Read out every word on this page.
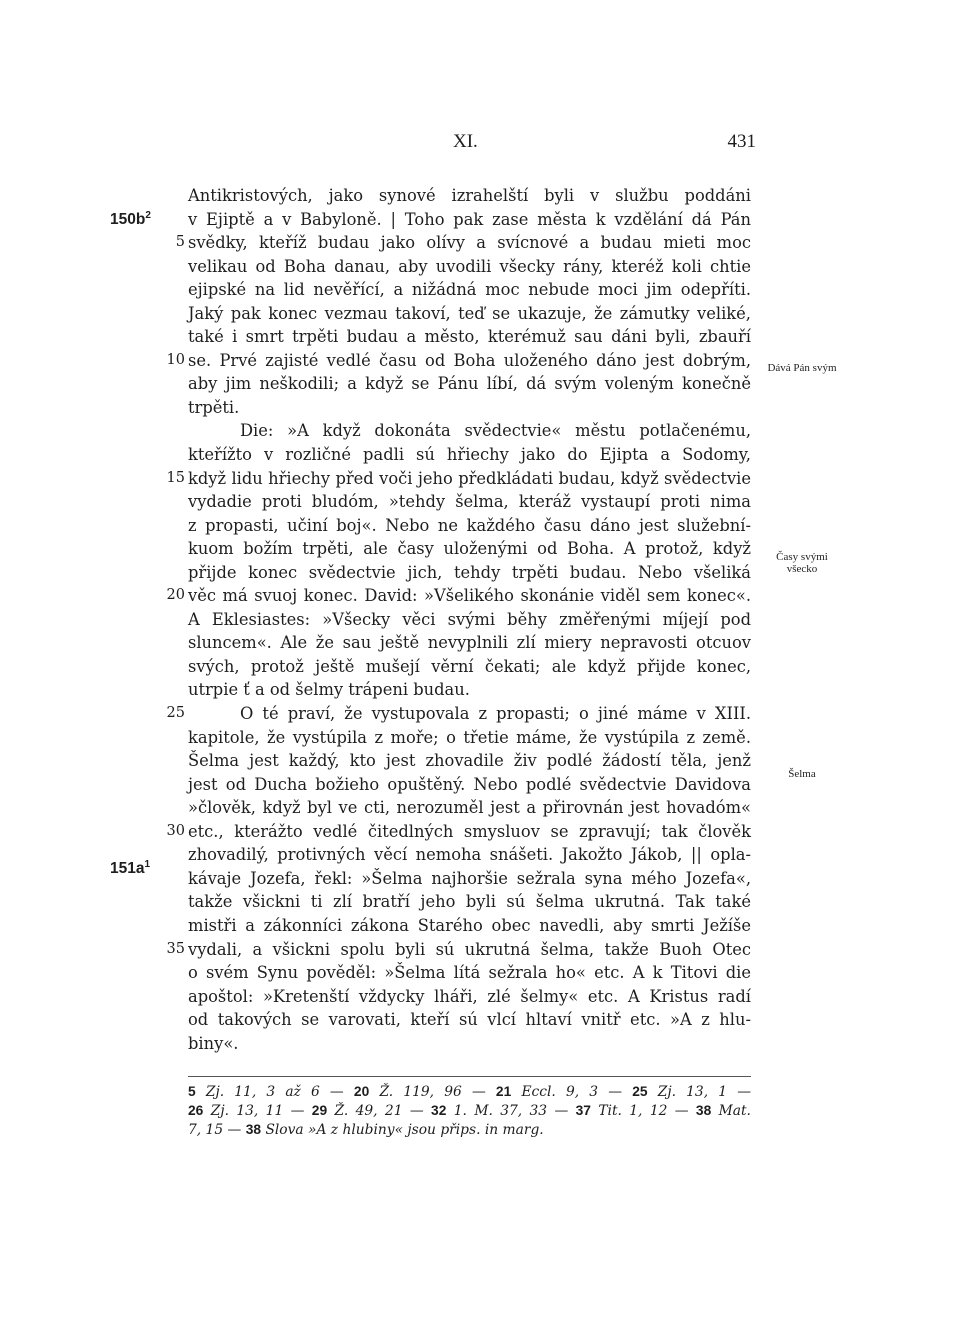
XI.	431
$150b^2$
$151a^1$
Dává Pán svým
Časy svými všecko
Šelma
Antikristových, jako synové izrahelští byli v službu poddáni
v Ejiptě a v Babyloně. | Toho pak zase města k vzdělání dá Pán
5 svědky, kteříž budau jako olívy a svícnové a budau mieti moc
velikau od Boha danau, aby uvodili všecky rány, kteréž koli chtie
ejipské na lid nevěřící, a nižádná moc nebude moci jim odepříti.
Jaký pak konec vezmau takoví, teď se ukazuje, že zámutky veliké,
také i smrt trpěti budau a město, kterémuž sau dáni byli, zbauří
10 se. Prvé zajisté vedlé času od Boha uloženého dáno jest dobrým,
aby jim neškodili; a když se Pánu líbí, dá svým voleným konečně
trpěti.
Die: »A když dokonáta svědectvie« městu potlačenému,
kteřížto v rozličné padli sú hřiechy jako do Ejipta a Sodomy,
15 když lidu hřiechy před voči jeho předkládati budau, když svědectvie
vydadie proti bludóm, »tehdy šelma, kteráž vystaupí proti nima
z propasti, učiní boj«. Nebo ne každého času dáno jest služební-
kuom božím trpěti, ale časy uloženými od Boha. A protož, když
přijde konec svědectvie jich, tehdy trpěti budau. Nebo všeliká
20 věc má svuoj konec. David: »Všelikého skonánie viděl sem konec«.
A Eklesiastes: »Všecky věci svými běhy změřenými míjejí pod
sluncem«. Ale že sau ještě nevyplnili zlí miery nepravosti otcuov
svých, protož ještě mušejí věrní čekati; ale když přijde konec,
utrpie ť a od šelmy trápeni budau.
25	O té praví, že vystupovala z propasti; o jiné máme v XIII.
kapitole, že vystúpila z moře; o třetie máme, že vystúpila z země.
Šelma jest každý, kto jest zhovadile živ podlé žádostí těla, jenž
jest od Ducha božieho opuštěný. Nebo podlé svědectvie Davidova
»člověk, když byl ve cti, nerozuměl jest a přirovnán jest hovadóm«
30 etc., kterážto vedlé čitedlných smysluov se zpravují; tak člověk
zhovadilý, protivných věcí nemoha snášeti. Jakožto Jákob, || opla-
kávaje Jozefa, řekl: »Šelma najhoršie sežrala syna mého Jozefa«,
takže všickni ti zlí bratří jeho byli sú šelma ukrutná. Tak také
mistři a zákonníci zákona Starého obec navedli, aby smrti Ježíše
35 vydali, a všickni spolu byli sú ukrutná šelma, takže Buoh Otec
o svém Synu pověděl: »Šelma lítá sežrala ho« etc. A k Titovi die
apoštol: »Kretenští vždycky lháři, zlé šelmy« etc. A Kristus radí
od takových se varovati, kteří sú vlcí hltaví vnitř etc. »A z hlu-
biny«.
5 Zj. 11, 3 až 6 — 20 Ž. 119, 96 — 21 Eccl. 9, 3 — 25 Zj. 13, 1 —
26 Zj. 13, 11 — 29 Ž. 49, 21 — 32 1. M. 37, 33 — 37 Tit. 1, 12 — 38 Mat.
7, 15 — 38 Slova »A z hlubiny« jsou přips. in marg.
